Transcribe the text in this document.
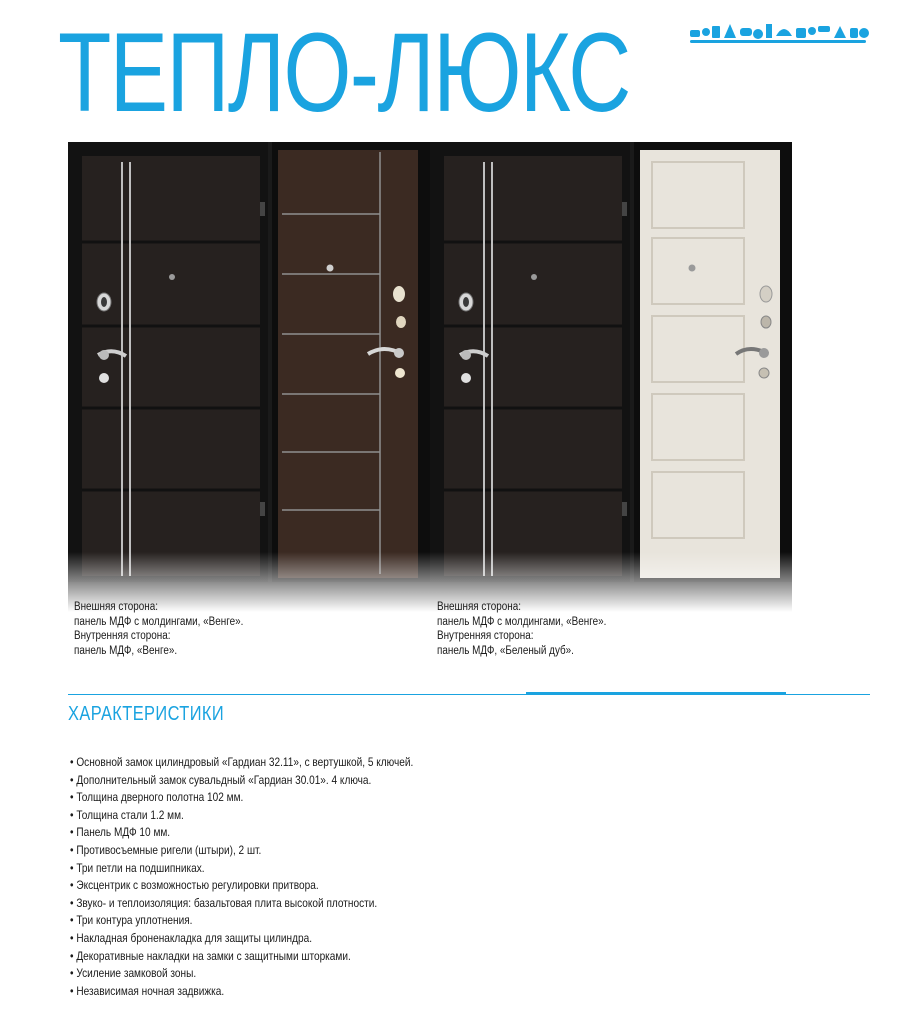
ТЕПЛО-ЛЮКС
Внешняя сторона:
панель МДФ с молдингами, «Венге».
Внутренняя сторона:
панель МДФ, «Венге».
Внешняя сторона:
панель МДФ с молдингами, «Венге».
Внутренняя сторона:
панель МДФ, «Беленый дуб».
ХАРАКТЕРИСТИКИ
• Основной замок цилиндровый «Гардиан 32.11», с вертушкой, 5 ключей.
• Дополнительный замок сувальдный «Гардиан 30.01». 4 ключа.
• Толщина дверного полотна 102 мм.
• Толщина стали 1.2 мм.
• Панель МДФ 10 мм.
• Противосъемные ригели (штыри), 2 шт.
• Три петли на подшипниках.
• Эксцентрик с возможностью регулировки притвора.
• Звуко- и теплоизоляция: базальтовая плита высокой плотности.
• Три контура уплотнения.
• Накладная броненакладка для защиты цилиндра.
• Декоративные накладки на замки с защитными шторками.
• Усиление замковой зоны.
• Независимая ночная задвижка.
